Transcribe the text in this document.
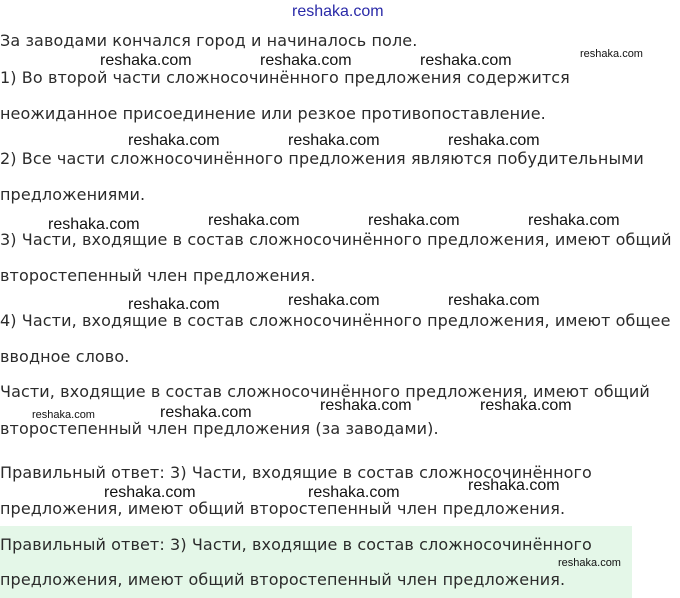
reshaka.com
За заводами кончался город и начиналось поле.
1) Во второй части сложносочинённого предложения содержится
неожиданное присоединение или резкое противопоставление.
2) Все части сложносочинённого предложения являются побудительными
предложениями.
3) Части, входящие в состав сложносочинённого предложения, имеют общий
второстепенный член предложения.
4) Части, входящие в состав сложносочинённого предложения, имеют общее
вводное слово.
Части, входящие в состав сложносочинённого предложения, имеют общий
второстепенный член предложения (за заводами).
Правильный ответ: 3) Части, входящие в состав сложносочинённого
предложения, имеют общий второстепенный член предложения.
Правильный ответ: 3) Части, входящие в состав сложносочинённого
предложения, имеют общий второстепенный член предложения.
reshaka.com	reshaka.com	reshaka.com	reshaka.com
reshaka.com	reshaka.com	reshaka.com
reshaka.com	reshaka.com	reshaka.com	reshaka.com
reshaka.com	reshaka.com	reshaka.com
reshaka.com	reshaka.com	reshaka.com	reshaka.com
reshaka.com	reshaka.com	reshaka.com
reshaka.com
